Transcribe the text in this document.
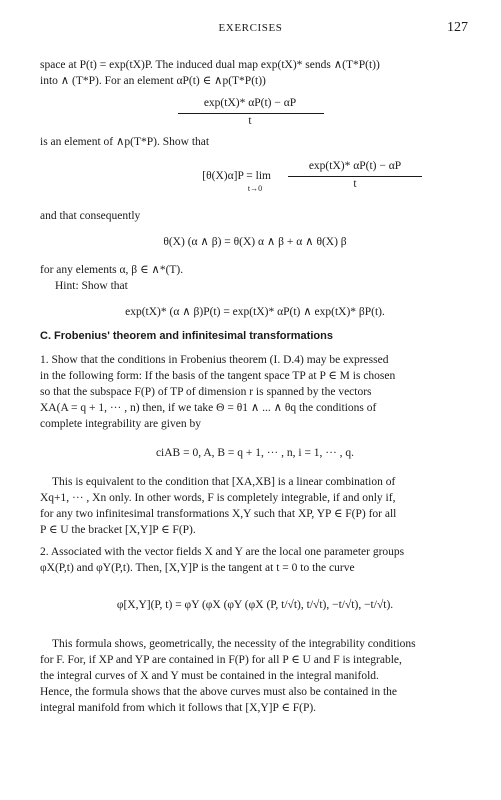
EXERCISES	127
space at P(t) = exp(tX)P. The induced dual map exp(tX)* sends ∧(T*P(t))
into ∧ (T*P). For an element αP(t) ∈ ∧p(T*P(t))
exp(tX)* αP(t) − αP
t
is an element of ∧p(T*P). Show that
[θ(X)α]P = lim
t→0
exp(tX)* αP(t) − αP
t
and that consequently
θ(X) (α ∧ β) = θ(X) α ∧ β + α ∧ θ(X) β
for any elements α, β ∈ ∧*(T).
Hint: Show that
exp(tX)* (α ∧ β)P(t) = exp(tX)* αP(t) ∧ exp(tX)* βP(t).
C. Frobenius' theorem and infinitesimal transformations
1. Show that the conditions in Frobenius theorem (I. D.4) may be expressed
in the following form: If the basis of the tangent space TP at P ∈ M is chosen
so that the subspace F(P) of TP of dimension r is spanned by the vectors
XA(A = q + 1, ··· , n) then, if we take Θ = θ1 ∧ ... ∧ θq the conditions of
complete integrability are given by
ciAB = 0, A, B = q + 1, ··· , n, i = 1, ··· , q.
This is equivalent to the condition that [XA,XB] is a linear combination of
Xq+1, ··· , Xn only. In other words, F is completely integrable, if and only if,
for any two infinitesimal transformations X,Y such that XP, YP ∈ F(P) for all
P ∈ U the bracket [X,Y]P ∈ F(P).
2. Associated with the vector fields X and Y are the local one parameter groups
φX(P,t) and φY(P,t). Then, [X,Y]P is the tangent at t = 0 to the curve
φ[X,Y](P, t) = φY (φX (φY (φX (P, t/√t), t/√t), −t/√t), −t/√t).
This formula shows, geometrically, the necessity of the integrability conditions
for F. For, if XP and YP are contained in F(P) for all P ∈ U and F is integrable,
the integral curves of X and Y must be contained in the integral manifold.
Hence, the formula shows that the above curves must also be contained in the
integral manifold from which it follows that [X,Y]P ∈ F(P).
